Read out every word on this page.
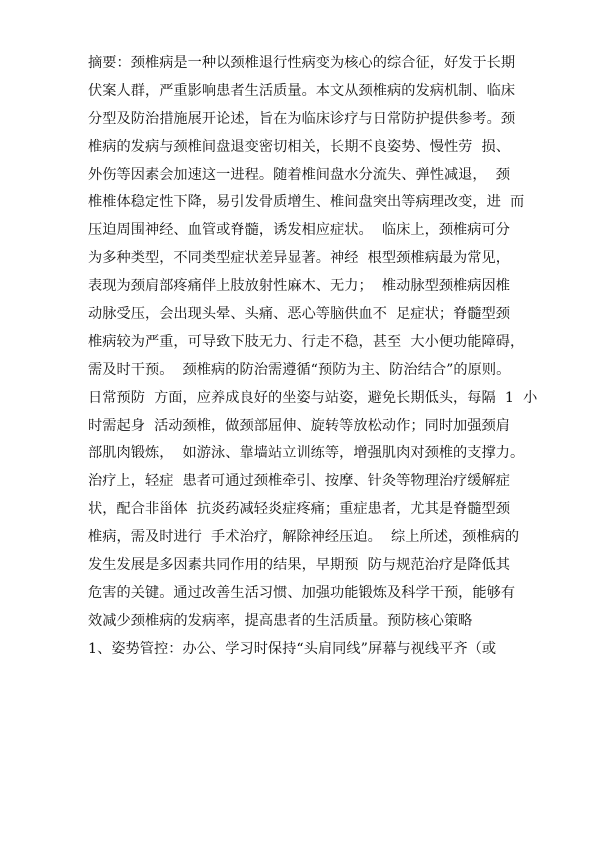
摘要：颈椎病是一种以颈椎退行性病变为核心的综合征，好发于长期
伏案人群，严重影响患者生活质量。本文从颈椎病的发病机制、临床
分型及防治措施展开论述，旨在为临床诊疗与日常防护提供参考。颈
椎病的发病与颈椎间盘退变密切相关，长期不良姿势、慢性劳  损、
外伤等因素会加速这一进程。随着椎间盘水分流失、弹性减退，  颈
椎椎体稳定性下降，易引发骨质增生、椎间盘突出等病理改变，进  而
压迫周围神经、血管或脊髓，诱发相应症状。  临床上，颈椎病可分
为多种类型，不同类型症状差异显著。神经  根型颈椎病最为常见，
表现为颈肩部疼痛伴上肢放射性麻木、无力；  椎动脉型颈椎病因椎
动脉受压，会出现头晕、头痛、恶心等脑供血不  足症状；脊髓型颈
椎病较为严重，可导致下肢无力、行走不稳，甚至  大小便功能障碍，
需及时干预。  颈椎病的防治需遵循“预防为主、防治结合”的原则。
日常预防  方面，应养成良好的坐姿与站姿，避免长期低头，每隔  1  小
时需起身  活动颈椎，做颈部屈伸、旋转等放松动作；同时加强颈肩
部肌肉锻炼，  如游泳、靠墙站立训练等，增强肌肉对颈椎的支撑力。
治疗上，轻症  患者可通过颈椎牵引、按摩、针灸等物理治疗缓解症
状，配合非甾体  抗炎药减轻炎症疼痛；重症患者，尤其是脊髓型颈
椎病，需及时进行  手术治疗，解除神经压迫。  综上所述，颈椎病的
发生发展是多因素共同作用的结果，早期预  防与规范治疗是降低其
危害的关键。通过改善生活习惯、加强功能锻炼及科学干预，能够有
效减少颈椎病的发病率，提高患者的生活质量。预防核心策略
1、姿势管控：办公、学习时保持“头肩同线”屏幕与视线平齐（或
